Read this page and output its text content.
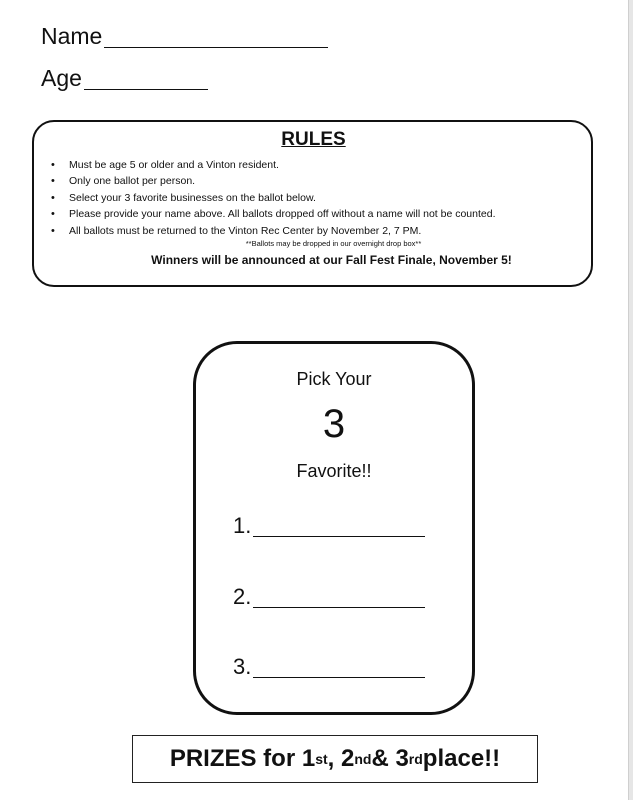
Name
Age
RULES
• Must be age 5 or older and a Vinton resident.
• Only one ballot per person.
• Select your 3 favorite businesses on the ballot below.
• Please provide your name above. All ballots dropped off without a name will not be counted.
• All ballots must be returned to the Vinton Rec Center by November 2, 7 PM.

**Ballots may be dropped in our overnight drop box**

Winners will be announced at our Fall Fest Finale, November 5!

Pick Your
3
Favorite!!
1.
2.
3.
PRIZES for 1 st , 2 nd & 3 rd place!!
